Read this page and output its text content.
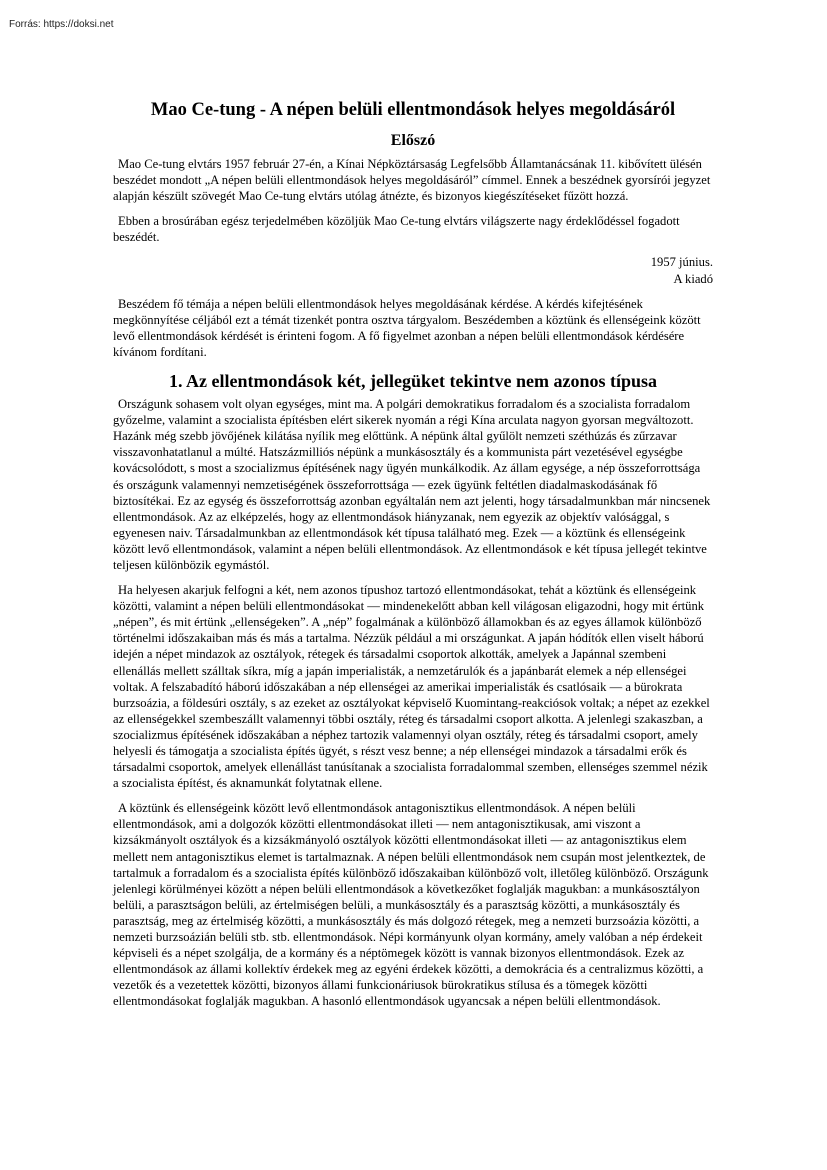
Forrás: https://doksi.net
Mao Ce-tung - A népen belüli ellentmondások helyes megoldásáról
Előszó

Mao Ce-tung elvtárs 1957 február 27-én, a Kínai Népköztársaság Legfelsőbb Államtanácsának 11. kibővített ülésén beszédet mondott „A népen belüli ellentmondások helyes megoldásáról” címmel. Ennek a beszédnek gyorsírói jegyzet alapján készült szövegét Mao Ce-tung elvtárs utólag átnézte, és bizonyos kiegészítéseket fűzött hozzá.

Ebben a brosúrában egész terjedelmében közöljük Mao Ce-tung elvtárs világszerte nagy érdeklődéssel fogadott beszédét.

1957 június.
A kiadó

Beszédem fő témája a népen belüli ellentmondások helyes megoldásának kérdése. A kérdés kifejtésének megkönnyítése céljából ezt a témát tizenkét pontra osztva tárgyalom. Beszédemben a köztünk és ellenségeink között levő ellentmondások kérdését is érinteni fogom. A fő figyelmet azonban a népen belüli ellentmondások kérdésére kívánom fordítani.

1. Az ellentmondások két, jellegüket tekintve nem azonos típusa

Országunk sohasem volt olyan egységes, mint ma. A polgári demokratikus forradalom és a szocialista forradalom győzelme, valamint a szocialista építésben elért sikerek nyomán a régi Kína arculata nagyon gyorsan megváltozott. Hazánk még szebb jövőjének kilátása nyílik meg előttünk. A népünk által gyűlölt nemzeti széthúzás és zűrzavar visszavonhatatlanul a múlté. Hatszázmilliós népünk a munkásosztály és a kommunista párt vezetésével egységbe kovácsolódott, s most a szocializmus építésének nagy ügyén munkálkodik. Az állam egysége, a nép összeforrottsága és országunk valamennyi nemzetiségének összeforrottsága — ezek ügyünk feltétlen diadalmaskodásának fő biztosítékai. Ez az egység és összeforrottság azonban egyáltalán nem azt jelenti, hogy társadalmunkban már nincsenek ellentmondások. Az az elképzelés, hogy az ellentmondások hiányzanak, nem egyezik az objektív valósággal, s egyenesen naiv. Társadalmunkban az ellentmondások két típusa található meg. Ezek — a köztünk és ellenségeink között levő ellentmondások, valamint a népen belüli ellentmondások. Az ellentmondások e két típusa jellegét tekintve teljesen különbözik egymástól.

Ha helyesen akarjuk felfogni a két, nem azonos típushoz tartozó ellentmondásokat, tehát a köztünk és ellenségeink közötti, valamint a népen belüli ellentmondásokat — mindenekelőtt abban kell világosan eligazodni, hogy mit értünk „népen”, és mit értünk „ellenségeken”. A „nép” fogalmának a különböző államokban és az egyes államok különböző történelmi időszakaiban más és más a tartalma. Nézzük például a mi országunkat. A japán hódítók ellen viselt háború idején a népet mindazok az osztályok, rétegek és társadalmi csoportok alkották, amelyek a Japánnal szembeni ellenállás mellett szálltak síkra, míg a japán imperialisták, a nemzetárulók és a japánbarát elemek a nép ellenségei voltak. A felszabadító háború időszakában a nép ellenségei az amerikai imperialisták és csatlósaik — a bürokrata burzsoázia, a földesúri osztály, s az ezeket az osztályokat képviselő Kuomintang-reakciósok voltak; a népet az ezekkel az ellenségekkel szembeszállt valamennyi többi osztály, réteg és társadalmi csoport alkotta. A jelenlegi szakaszban, a szocializmus építésének időszakában a néphez tartozik valamennyi olyan osztály, réteg és társadalmi csoport, amely helyesli és támogatja a szocialista építés ügyét, s részt vesz benne; a nép ellenségei mindazok a társadalmi erők és társadalmi csoportok, amelyek ellenállást tanúsítanak a szocialista forradalommal szemben, ellenséges szemmel nézik a szocialista építést, és aknamunkát folytatnak ellene.

A köztünk és ellenségeink között levő ellentmondások antagonisztikus ellentmondások. A népen belüli ellentmondások, ami a dolgozók közötti ellentmondásokat illeti — nem antagonisztikusak, ami viszont a kizsákmányolt osztályok és a kizsákmányoló osztályok közötti ellentmondásokat illeti — az antagonisztikus elem mellett nem antagonisztikus elemet is tartalmaznak. A népen belüli ellentmondások nem csupán most jelentkeztek, de tartalmuk a forradalom és a szocialista építés különböző időszakaiban különböző volt, illetőleg különböző. Országunk jelenlegi körülményei között a népen belüli ellentmondások a következőket foglalják magukban: a munkásosztályon belüli, a parasztságon belüli, az értelmiségen belüli, a munkásosztály és a parasztság közötti, a munkásosztály és parasztság, meg az értelmiség közötti, a munkásosztály és más dolgozó rétegek, meg a nemzeti burzsoázia közötti, a nemzeti burzsoázián belüli stb. stb. ellentmondások. Népi kormányunk olyan kormány, amely valóban a nép érdekeit képviseli és a népet szolgálja, de a kormány és a néptömegek között is vannak bizonyos ellentmondások. Ezek az ellentmondások az állami kollektív érdekek meg az egyéni érdekek közötti, a demokrácia és a centralizmus közötti, a vezetők és a vezetettek közötti, bizonyos állami funkcionáriusok bürokratikus stílusa és a tömegek közötti ellentmondásokat foglalják magukban. A hasonló ellentmondások ugyancsak a népen belüli ellentmondások.
